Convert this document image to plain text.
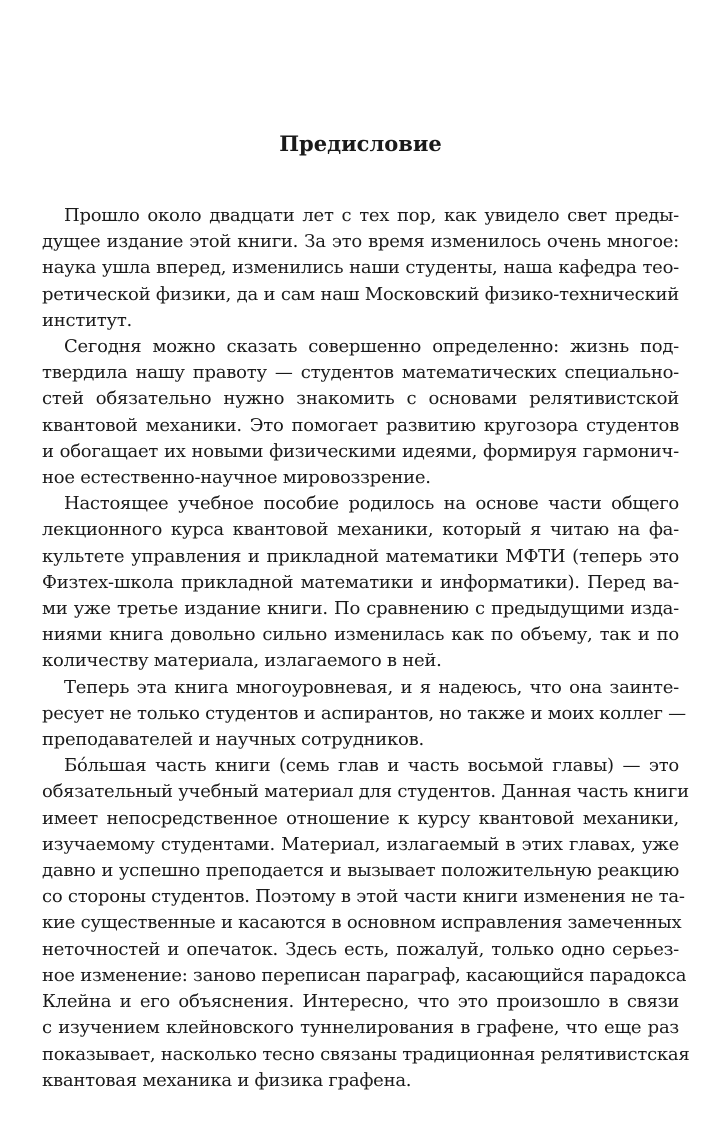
Предисловие
Прошло около двадцати лет с тех пор, как увидело свет преды-
дущее издание этой книги. За это время изменилось очень многое:
наука ушла вперед, изменились наши студенты, наша кафедра тео-
ретической физики, да и сам наш Московский физико-технический
институт.
Сегодня можно сказать совершенно определенно: жизнь под-
твердила нашу правоту — студентов математических специально-
стей обязательно нужно знакомить с основами релятивистской
квантовой механики. Это помогает развитию кругозора студентов
и обогащает их новыми физическими идеями, формируя гармонич-
ное естественно-научное мировоззрение.
Настоящее учебное пособие родилось на основе части общего
лекционного курса квантовой механики, который я читаю на фа-
культете управления и прикладной математики МФТИ (теперь это
Физтех-школа прикладной математики и информатики). Перед ва-
ми уже третье издание книги. По сравнению с предыдущими изда-
ниями книга довольно сильно изменилась как по объему, так и по
количеству материала, излагаемого в ней.
Теперь эта книга многоуровневая, и я надеюсь, что она заинте-
ресует не только студентов и аспирантов, но также и моих коллег —
преподавателей и научных сотрудников.
Бóльшая часть книги (семь глав и часть восьмой главы) — это
обязательный учебный материал для студентов. Данная часть книги
имеет непосредственное отношение к курсу квантовой механики,
изучаемому студентами. Материал, излагаемый в этих главах, уже
давно и успешно преподается и вызывает положительную реакцию
со стороны студентов. Поэтому в этой части книги изменения не та-
кие существенные и касаются в основном исправления замеченных
неточностей и опечаток. Здесь есть, пожалуй, только одно серьез-
ное изменение: заново переписан параграф, касающийся парадокса
Клейна и его объяснения. Интересно, что это произошло в связи
с изучением клейновского туннелирования в графене, что еще раз
показывает, насколько тесно связаны традиционная релятивистская
квантовая механика и физика графена.
